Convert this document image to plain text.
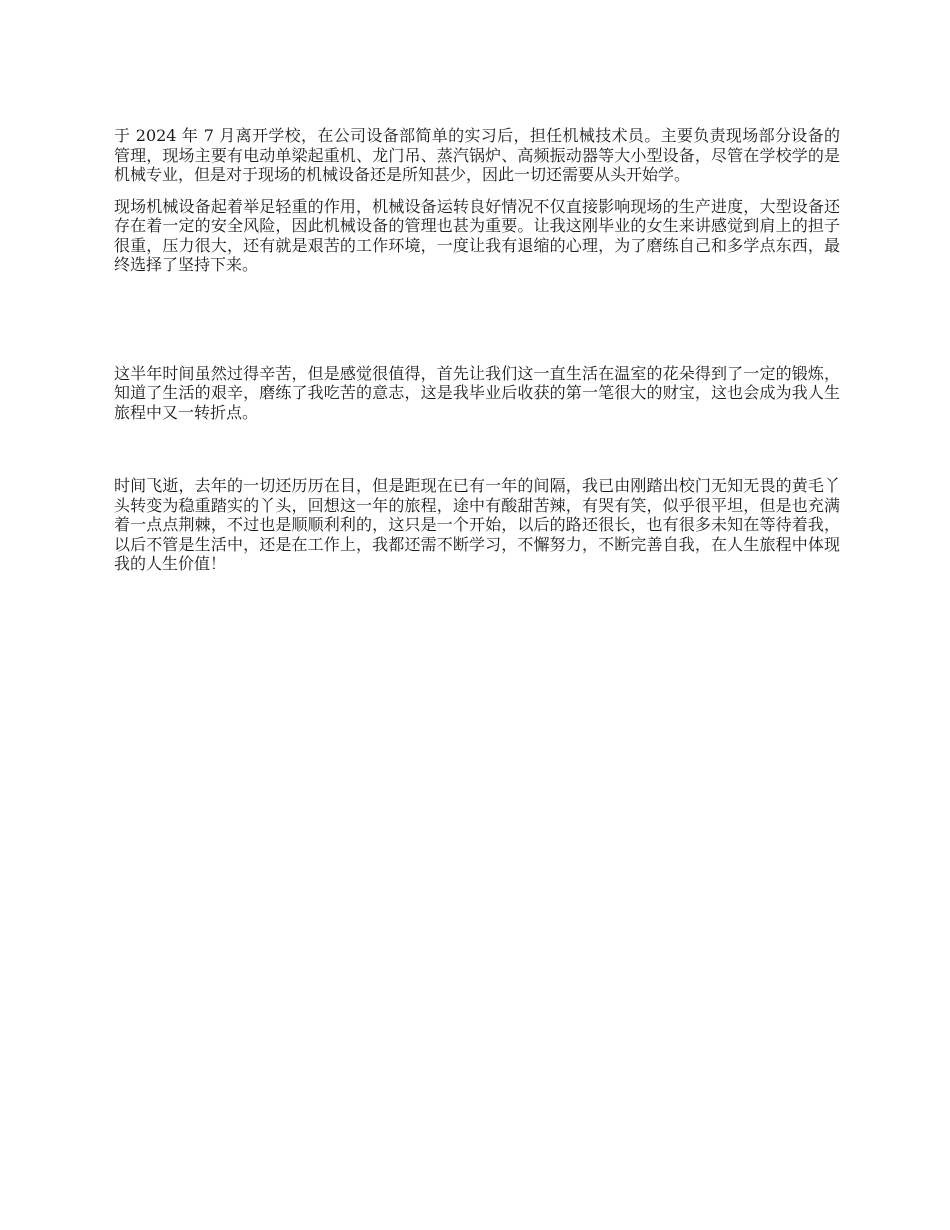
于 2024 年 7 月离开学校，在公司设备部简单的实习后，担任机械技术员。主要负责现场部分设备的管理，现场主要有电动单梁起重机、龙门吊、蒸汽锅炉、高频振动器等大小型设备，尽管在学校学的是机械专业，但是对于现场的机械设备还是所知甚少，因此一切还需要从头开始学。

现场机械设备起着举足轻重的作用，机械设备运转良好情况不仅直接影响现场的生产进度，大型设备还存在着一定的安全风险，因此机械设备的管理也甚为重要。让我这刚毕业的女生来讲感觉到肩上的担子很重，压力很大，还有就是艰苦的工作环境，一度让我有退缩的心理，为了磨练自己和多学点东西，最终选择了坚持下来。

这半年时间虽然过得辛苦，但是感觉很值得，首先让我们这一直生活在温室的花朵得到了一定的锻炼，知道了生活的艰辛，磨练了我吃苦的意志，这是我毕业后收获的第一笔很大的财宝，这也会成为我人生旅程中又一转折点。

时间飞逝，去年的一切还历历在目，但是距现在已有一年的间隔，我已由刚踏出校门无知无畏的黄毛丫头转变为稳重踏实的丫头，回想这一年的旅程，途中有酸甜苦辣，有哭有笑，似乎很平坦，但是也充满着一点点荆棘，不过也是顺顺利利的，这只是一个开始，以后的路还很长，也有很多未知在等待着我，以后不管是生活中，还是在工作上，我都还需不断学习，不懈努力，不断完善自我，在人生旅程中体现我的人生价值！
